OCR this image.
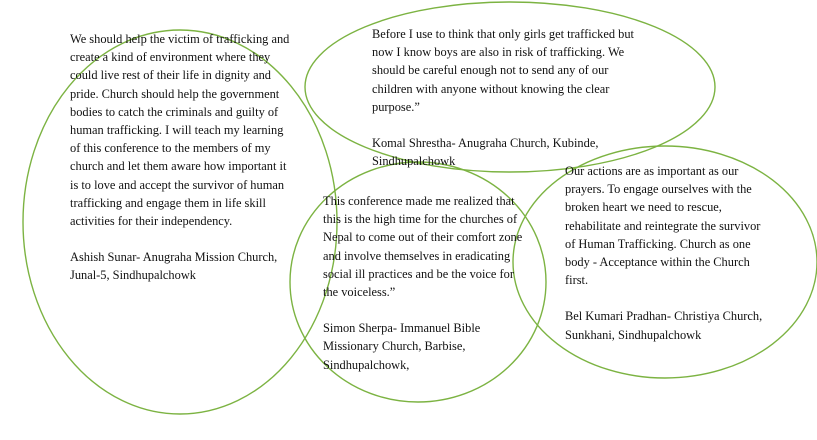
We should help the victim of trafficking and create a kind of environment where they could live rest of their life in dignity and pride. Church should help the government bodies to catch the criminals and guilty of human trafficking. I will teach my learning of this conference to the members of my church and let them aware how important it is to love and accept the survivor of human trafficking and engage them in life skill activities for their independency.

Ashish Sunar- Anugraha Mission Church, Junal-5, Sindhupalchowk

Before I use to think that only girls get trafficked but now I know boys are also in risk of trafficking. We should be careful enough not to send any of our children with anyone without knowing the clear purpose.”

Komal Shrestha- Anugraha Church, Kubinde, Sindhupalchowk

This conference made me realized that this is the high time for the churches of Nepal to come out of their comfort zone and involve themselves in eradicating social ill practices and be the voice for the voiceless.”

Simon Sherpa- Immanuel Bible Missionary Church, Barbise, Sindhupalchowk,

Our actions are as important as our prayers. To engage ourselves with the broken heart we need to rescue, rehabilitate and reintegrate the survivor of Human Trafficking. Church as one body - Acceptance within the Church first.

Bel Kumari Pradhan- Christiya Church, Sunkhani, Sindhupalchowk
